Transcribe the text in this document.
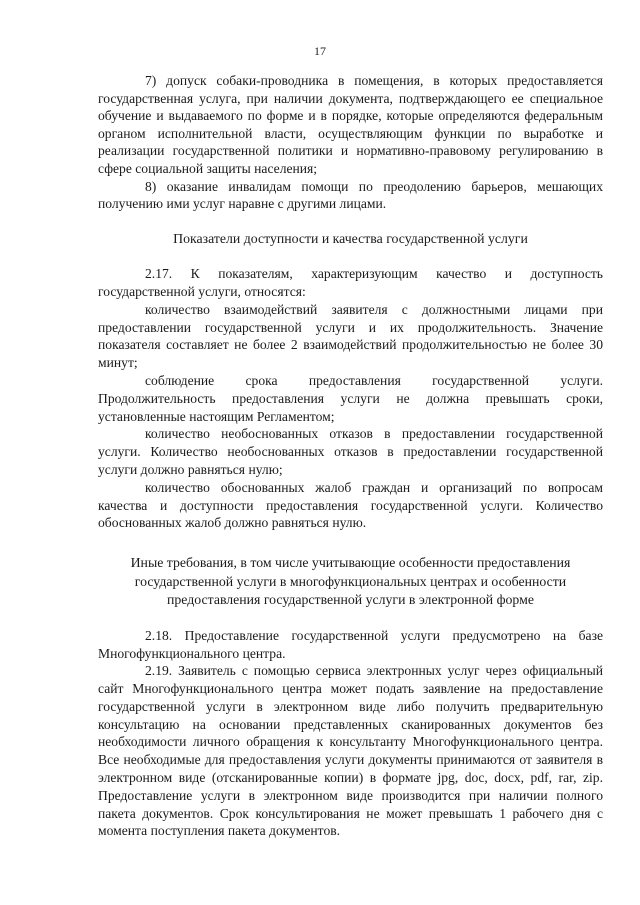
17

7) допуск собаки-проводника в помещения, в которых предоставляется государственная услуга, при наличии документа, подтверждающего ее специальное обучение и выдаваемого по форме и в порядке, которые определяются федеральным органом исполнительной власти, осуществляющим функции по выработке и реализации государственной политики и нормативно-правовому регулированию в сфере социальной защиты населения;

8) оказание инвалидам помощи по преодолению барьеров, мешающих получению ими услуг наравне с другими лицами.

Показатели доступности и качества государственной услуги

2.17. К показателям, характеризующим качество и доступность государственной услуги, относятся:

количество взаимодействий заявителя с должностными лицами при предоставлении государственной услуги и их продолжительность. Значение показателя составляет не более 2 взаимодействий продолжительностью не более 30 минут;

соблюдение срока предоставления государственной услуги. Продолжительность предоставления услуги не должна превышать сроки, установленные настоящим Регламентом;

количество необоснованных отказов в предоставлении государственной услуги. Количество необоснованных отказов в предоставлении государственной услуги должно равняться нулю;

количество обоснованных жалоб граждан и организаций по вопросам качества и доступности предоставления государственной услуги. Количество обоснованных жалоб должно равняться нулю.

Иные требования, в том числе учитывающие особенности предоставления государственной услуги в многофункциональных центрах и особенности предоставления государственной услуги в электронной форме

2.18. Предоставление государственной услуги предусмотрено на базе Многофункционального центра.

2.19. Заявитель с помощью сервиса электронных услуг через официальный сайт Многофункционального центра может подать заявление на предоставление государственной услуги в электронном виде либо получить предварительную консультацию на основании представленных сканированных документов без необходимости личного обращения к консультанту Многофункционального центра. Все необходимые для предоставления услуги документы принимаются от заявителя в электронном виде (отсканированные копии) в формате jpg, doc, docx, pdf, rar, zip. Предоставление услуги в электронном виде производится при наличии полного пакета документов. Срок консультирования не может превышать 1 рабочего дня с момента поступления пакета документов.
